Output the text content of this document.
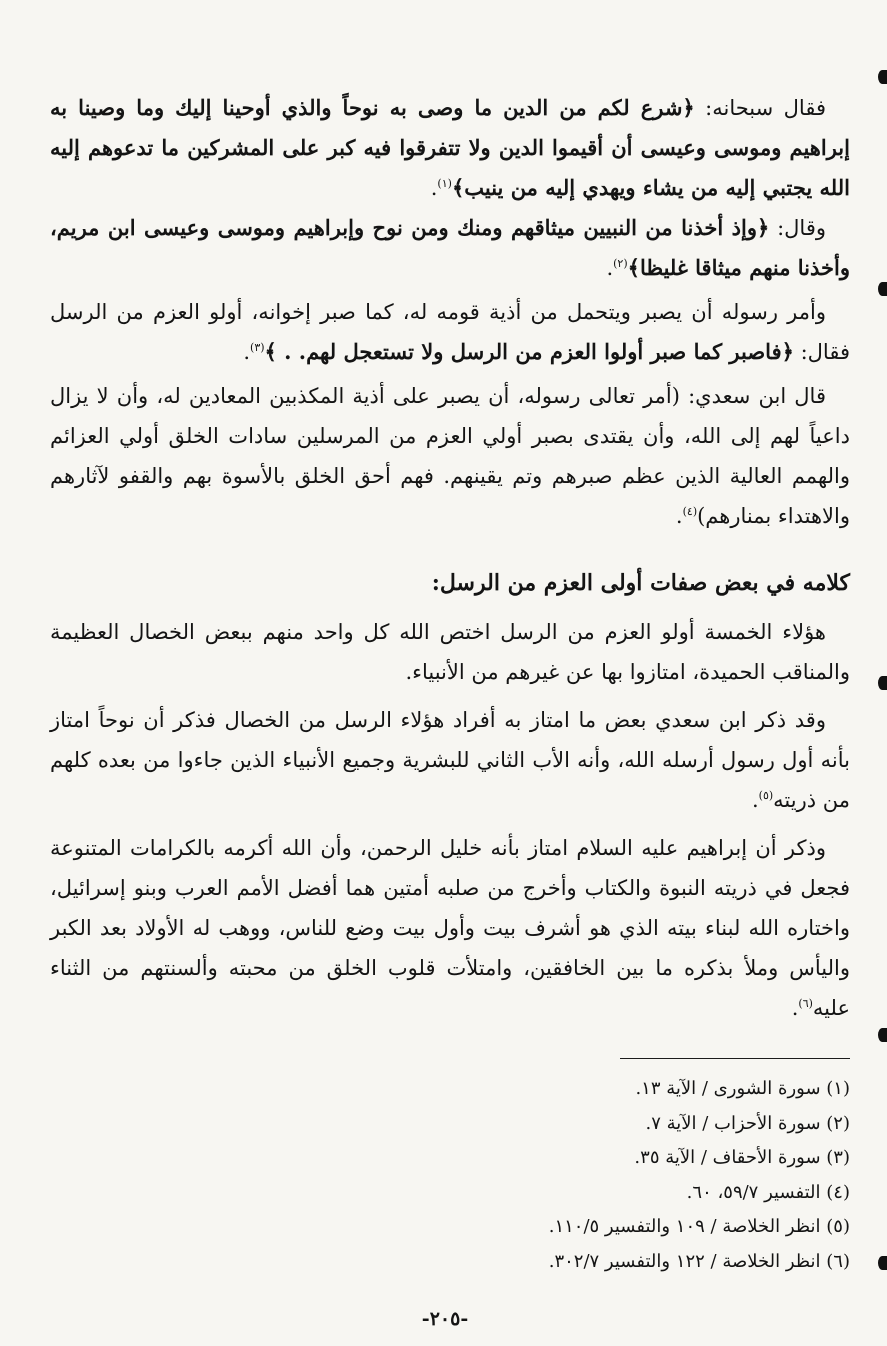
فقال سبحانه: ﴿شرع لكم من الدين ما وصى به نوحاً والذي أوحينا إليك وما وصينا به إبراهيم وموسى وعيسى أن أقيموا الدين ولا تتفرقوا فيه كبر على المشركين ما تدعوهم إليه الله يجتبي إليه من يشاء ويهدي إليه من ينيب﴾$^{(١)}$.

وقال: ﴿وإذ أخذنا من النبيين ميثاقهم ومنك ومن نوح وإبراهيم وموسى وعيسى ابن مريم، وأخذنا منهم ميثاقا غليظا﴾$^{(٢)}$.

وأمر رسوله أن يصبر ويتحمل من أذية قومه له، كما صبر إخوانه، أولو العزم من الرسل فقال: ﴿فاصبر كما صبر أولوا العزم من الرسل ولا تستعجل لهم. . ﴾$^{(٣)}$.

قال ابن سعدي: (أمر تعالى رسوله، أن يصبر على أذية المكذبين المعادين له، وأن لا يزال داعياً لهم إلى الله، وأن يقتدى بصبر أولي العزم من المرسلين سادات الخلق أولي العزائم والهمم العالية الذين عظم صبرهم وتم يقينهم. فهم أحق الخلق بالأسوة بهم والقفو لآثارهم والاهتداء بمنارهم)$^{(٤)}$.

كلامه في بعض صفات أولى العزم من الرسل:

هؤلاء الخمسة أولو العزم من الرسل اختص الله كل واحد منهم ببعض الخصال العظيمة والمناقب الحميدة، امتازوا بها عن غيرهم من الأنبياء.

وقد ذكر ابن سعدي بعض ما امتاز به أفراد هؤلاء الرسل من الخصال فذكر أن نوحاً امتاز بأنه أول رسول أرسله الله، وأنه الأب الثاني للبشرية وجميع الأنبياء الذين جاءوا من بعده كلهم من ذريته$^{(٥)}$.

وذكر أن إبراهيم عليه السلام امتاز بأنه خليل الرحمن، وأن الله أكرمه بالكرامات المتنوعة فجعل في ذريته النبوة والكتاب وأخرج من صلبه أمتين هما أفضل الأمم العرب وبنو إسرائيل، واختاره الله لبناء بيته الذي هو أشرف بيت وأول بيت وضع للناس، ووهب له الأولاد بعد الكبر واليأس وملأ بذكره ما بين الخافقين، وامتلأت قلوب الخلق من محبته وألسنتهم من الثناء عليه$^{(٦)}$.

(١) سورة الشورى / الآية ١٣.
(٢) سورة الأحزاب / الآية ٧.
(٣) سورة الأحقاف / الآية ٣٥.
(٤) التفسير ٥٩/٧، ٦٠.
(٥) انظر الخلاصة / ١٠٩ والتفسير ١١٠/٥.
(٦) انظر الخلاصة / ١٢٢ والتفسير ٣٠٢/٧.
-٢٠٥-
